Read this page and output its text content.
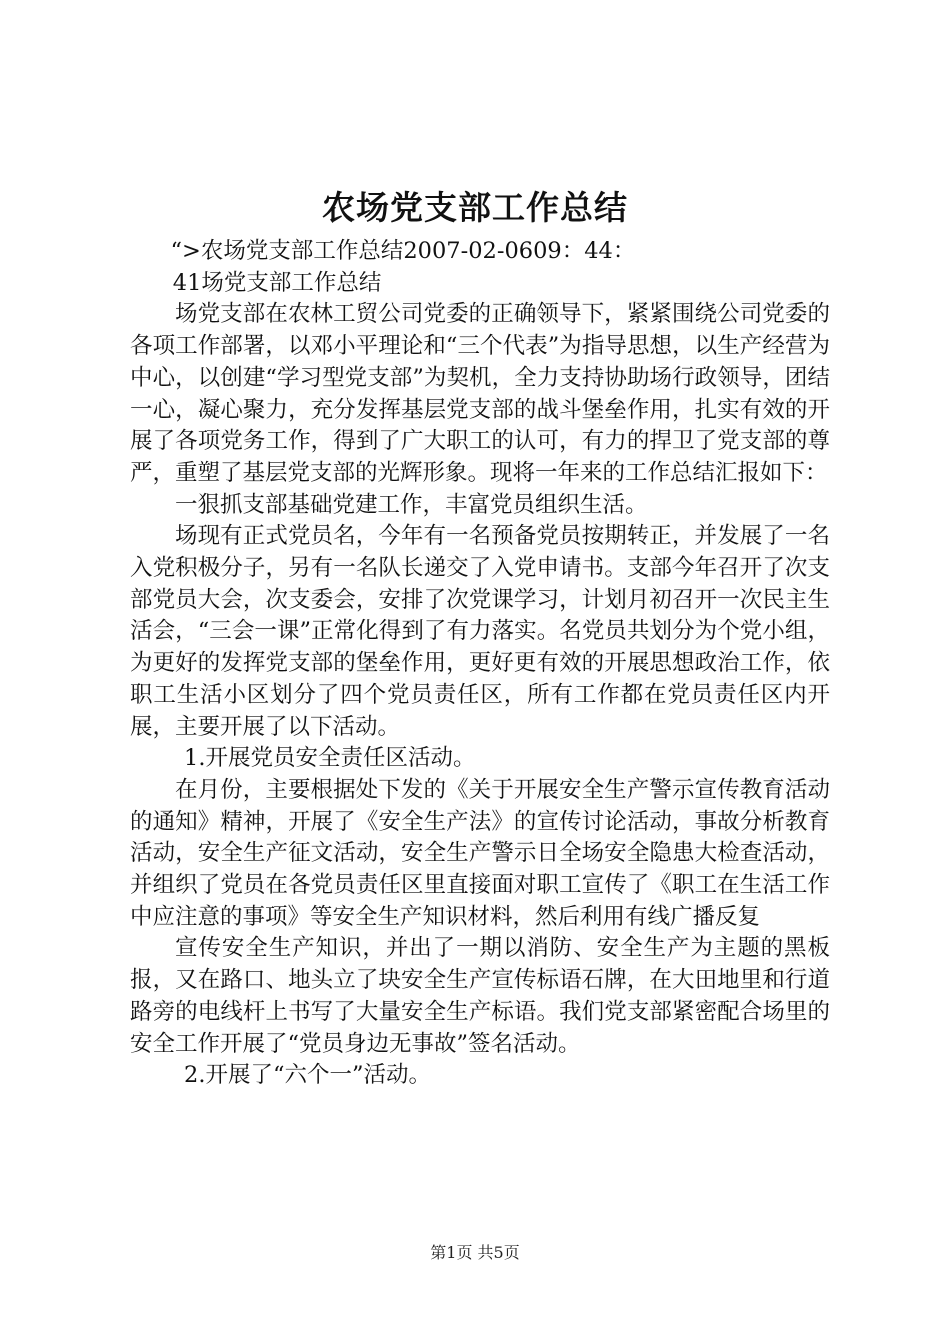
农场党支部工作总结

“>农场党支部工作总结2007-02-0609：44：

41场党支部工作总结

场党支部在农林工贸公司党委的正确领导下，紧紧围绕公司党委的各项工作部署，以邓小平理论和“三个代表”为指导思想，以生产经营为中心，以创建“学习型党支部”为契机，全力支持协助场行政领导，团结一心，凝心聚力，充分发挥基层党支部的战斗堡垒作用，扎实有效的开展了各项党务工作，得到了广大职工的认可，有力的捍卫了党支部的尊严，重塑了基层党支部的光辉形象。现将一年来的工作总结汇报如下：

一狠抓支部基础党建工作，丰富党员组织生活。

场现有正式党员名，今年有一名预备党员按期转正，并发展了一名入党积极分子，另有一名队长递交了入党申请书。支部今年召开了次支部党员大会，次支委会，安排了次党课学习，计划月初召开一次民主生活会，“三会一课”正常化得到了有力落实。名党员共划分为个党小组，为更好的发挥党支部的堡垒作用，更好更有效的开展思想政治工作，依职工生活小区划分了四个党员责任区，所有工作都在党员责任区内开展，主要开展了以下活动。

1.开展党员安全责任区活动。

在月份，主要根据处下发的《关于开展安全生产警示宣传教育活动的通知》精神，开展了《安全生产法》的宣传讨论活动，事故分析教育活动，安全生产征文活动，安全生产警示日全场安全隐患大检查活动，并组织了党员在各党员责任区里直接面对职工宣传了《职工在生活工作中应注意的事项》等安全生产知识材料，然后利用有线广播反复

宣传安全生产知识，并出了一期以消防、安全生产为主题的黑板报，又在路口、地头立了块安全生产宣传标语石牌，在大田地里和行道路旁的电线杆上书写了大量安全生产标语。我们党支部紧密配合场里的安全工作开展了“党员身边无事故”签名活动。

2.开展了“六个一”活动。

第1页 共5页
